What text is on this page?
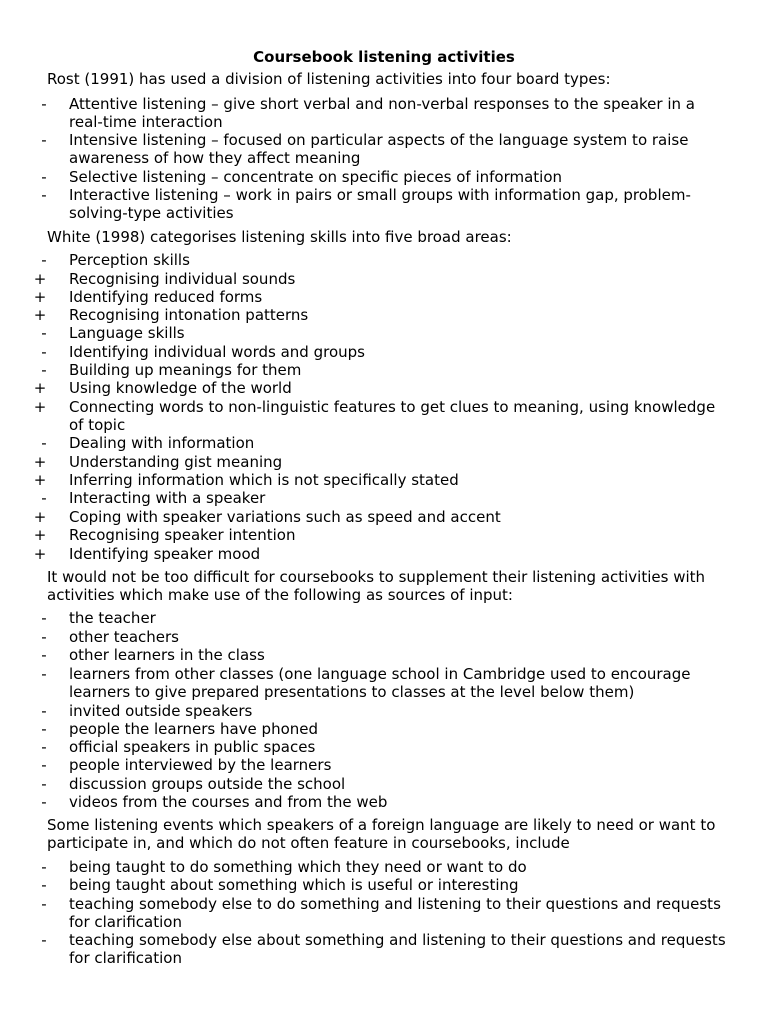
Coursebook listening activities
Rost (1991) has used a division of listening activities into four board types:
-	Attentive listening – give short verbal and non-verbal responses to the speaker in a real-time interaction
-	Intensive listening – focused on particular aspects of the language system to raise awareness of how they affect meaning
-	Selective listening – concentrate on specific pieces of information
-	Interactive listening – work in pairs or small groups with information gap, problem-solving-type activities
White (1998) categorises listening skills into five broad areas:
-	Perception skills
+ Recognising individual sounds
+ Identifying reduced forms
+ Recognising intonation patterns
-	Language skills
-	Identifying individual words and groups
-	Building up meanings for them
+ Using knowledge of the world
+ Connecting words to non-linguistic features to get clues to meaning, using knowledge of topic
-	Dealing with information
+ Understanding gist meaning
+ Inferring information which is not specifically stated
-	Interacting with a speaker
+ Coping with speaker variations such as speed and accent
+ Recognising speaker intention
+ Identifying speaker mood
It would not be too difficult for coursebooks to supplement their listening activities with activities which make use of the following as sources of input:
-	the teacher
-	other teachers
-	other learners in the class
-	learners from other classes (one language school in Cambridge used to encourage learners to give prepared presentations to classes at the level below them)
-	invited outside speakers
-	people the learners have phoned
-	official speakers in public spaces
-	people interviewed by the learners
-	discussion groups outside the school
-	videos from the courses and from the web
Some listening events which speakers of a foreign language are likely to need or want to participate in, and which do not often feature in coursebooks, include
-	being taught to do something which they need or want to do
-	being taught about something which is useful or interesting
-	teaching somebody else to do something and listening to their questions and requests for clarification
-	teaching somebody else about something and listening to their questions and requests for clarification
